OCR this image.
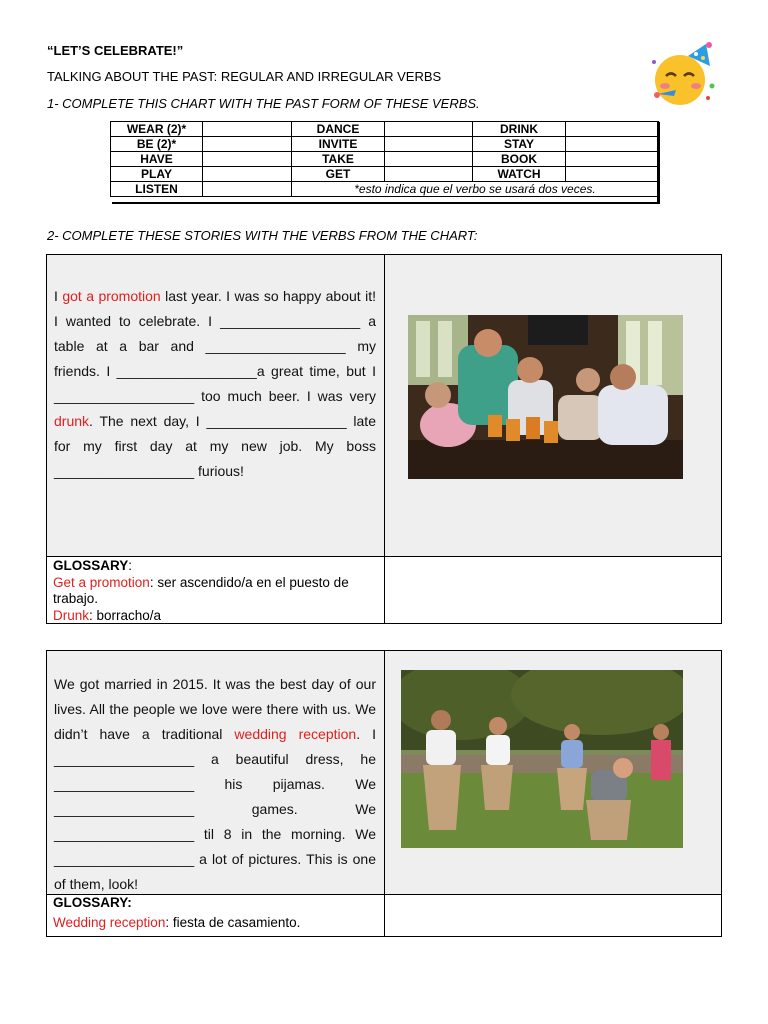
“LET’S CELEBRATE!”
TALKING ABOUT THE PAST: REGULAR AND IRREGULAR VERBS
1- COMPLETE THIS CHART WITH THE PAST FORM OF THESE VERBS.
WEAR (2)*		DANCE		DRINK	
BE (2)*		INVITE		STAY	
HAVE		TAKE		BOOK	
PLAY		GET		WATCH	
LISTEN		*esto indica que el verbo se usará dos veces.			
2- COMPLETE THESE STORIES WITH THE VERBS FROM THE CHART:
I got a promotion last year. I was so happy about it! I wanted to celebrate. I __________________ a table at a bar and __________________ my friends. I __________________a great time, but I __________________ too much beer. I was very drunk. The next day, I __________________ late for my first day at my new job. My boss __________________ furious!
GLOSSARY:
Get a promotion: ser ascendido/a en el puesto de trabajo.
Drunk: borracho/a
We got married in 2015. It was the best day of our lives. All the people we love were there with us. We didn’t have a traditional wedding reception. I __________________ a beautiful dress, he __________________ his pijamas. We __________________ games. We __________________ til 8 in the morning. We __________________ a lot of pictures. This is one of them, look!
GLOSSARY:
Wedding reception: fiesta de casamiento.
